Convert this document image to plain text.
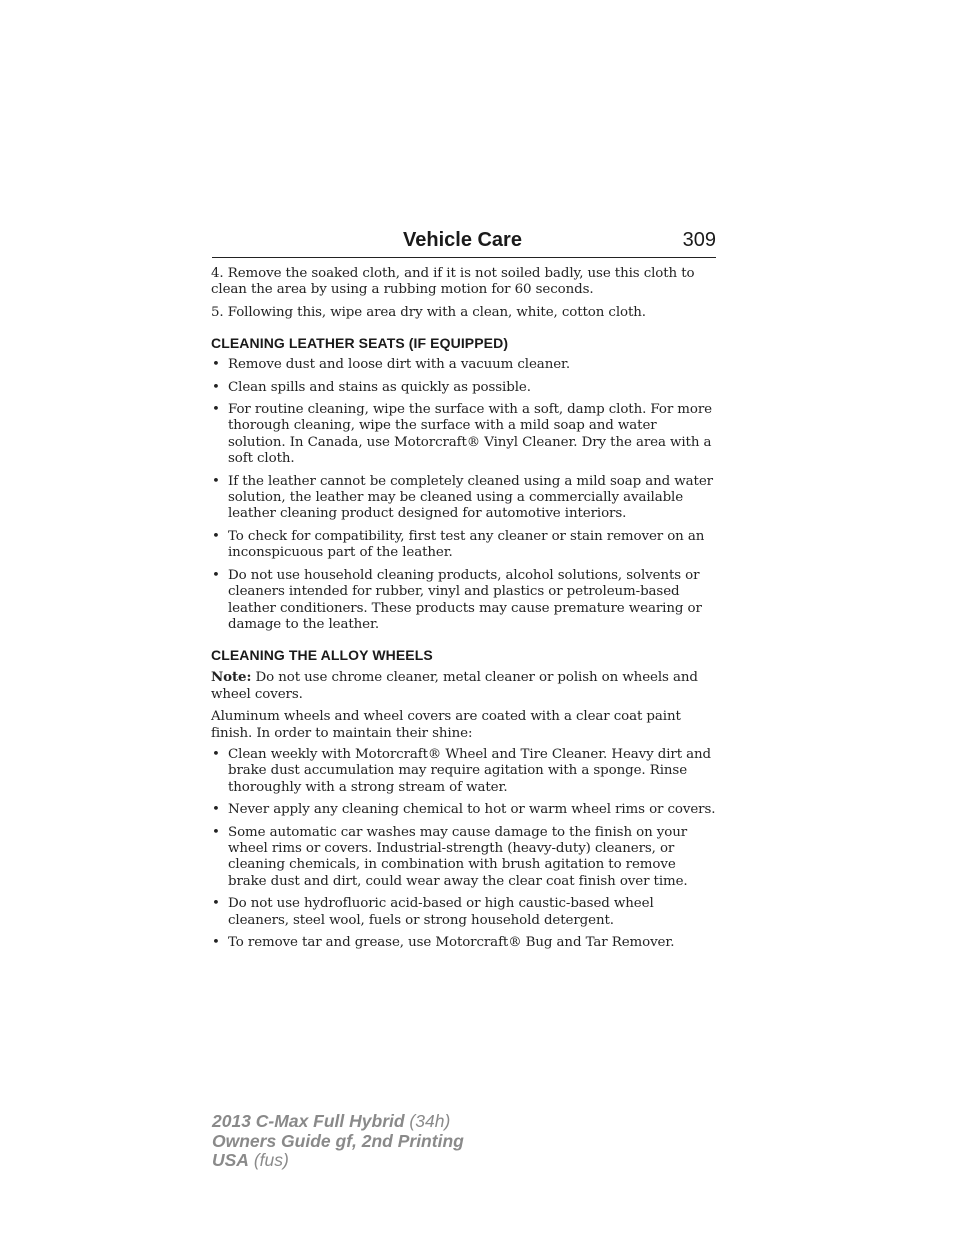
Vehicle Care	309

4. Remove the soaked cloth, and if it is not soiled badly, use this cloth to clean the area by using a rubbing motion for 60 seconds.

5. Following this, wipe area dry with a clean, white, cotton cloth.

CLEANING LEATHER SEATS (IF EQUIPPED)
• Remove dust and loose dirt with a vacuum cleaner.
• Clean spills and stains as quickly as possible.
• For routine cleaning, wipe the surface with a soft, damp cloth. For more thorough cleaning, wipe the surface with a mild soap and water solution. In Canada, use Motorcraft® Vinyl Cleaner. Dry the area with a soft cloth.
• If the leather cannot be completely cleaned using a mild soap and water solution, the leather may be cleaned using a commercially available leather cleaning product designed for automotive interiors.
• To check for compatibility, first test any cleaner or stain remover on an inconspicuous part of the leather.
• Do not use household cleaning products, alcohol solutions, solvents or cleaners intended for rubber, vinyl and plastics or petroleum-based leather conditioners. These products may cause premature wearing or damage to the leather.
CLEANING THE ALLOY WHEELS

Note: Do not use chrome cleaner, metal cleaner or polish on wheels and wheel covers.

Aluminum wheels and wheel covers are coated with a clear coat paint finish. In order to maintain their shine:

• Clean weekly with Motorcraft® Wheel and Tire Cleaner. Heavy dirt and brake dust accumulation may require agitation with a sponge. Rinse thoroughly with a strong stream of water.
• Never apply any cleaning chemical to hot or warm wheel rims or covers.
• Some automatic car washes may cause damage to the finish on your wheel rims or covers. Industrial-strength (heavy-duty) cleaners, or cleaning chemicals, in combination with brush agitation to remove brake dust and dirt, could wear away the clear coat finish over time.
• Do not use hydrofluoric acid-based or high caustic-based wheel cleaners, steel wool, fuels or strong household detergent.
• To remove tar and grease, use Motorcraft® Bug and Tar Remover.
2013 C-Max Full Hybrid (34h)
Owners Guide gf, 2nd Printing
USA (fus)
